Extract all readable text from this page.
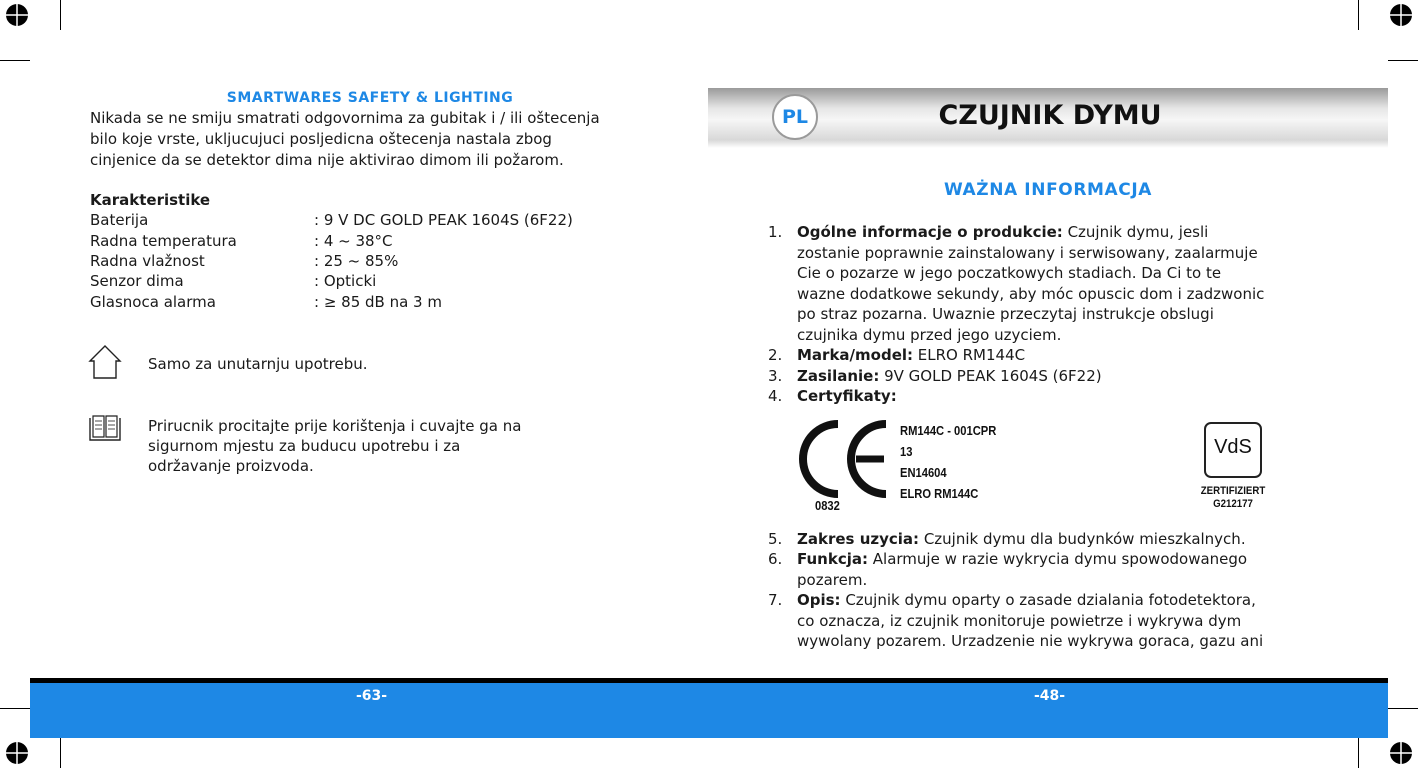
SMARTWARES SAFETY & LIGHTING
Nikada se ne smiju smatrati odgovornima za gubitak i / ili oštecenja
bilo koje vrste, ukljucujuci posljedicna oštecenja nastala zbog
cinjenice da se detektor dima nije aktivirao dimom ili požarom.
Karakteristike
Baterija	: 9 V DC GOLD PEAK 1604S (6F22)
Radna temperatura	: 4 ~ 38°C
Radna vlažnost	: 25 ~ 85%
Senzor dima	: Opticki
Glasnoca alarma	: ≥ 85 dB na 3 m
Samo za unutarnju upotrebu.
Prirucnik procitajte prije korištenja i cuvajte ga na
sigurnom mjestu za buducu upotrebu i za
održavanje proizvoda.
PL	CZUJNIK DYMU
WAŻNA INFORMACJA
1. Ogólne informacje o produkcie: Czujnik dymu, jesli
zostanie poprawnie zainstalowany i serwisowany, zaalarmuje
Cie o pozarze w jego poczatkowych stadiach. Da Ci to te
wazne dodatkowe sekundy, aby móc opuscic dom i zadzwonic
po straz pozarna. Uwaznie przeczytaj instrukcje obslugi
czujnika dymu przed jego uzyciem.
2. Marka/model: ELRO RM144C
3. Zasilanie: 9V GOLD PEAK 1604S (6F22)
4. Certyfikaty:
RM144C - 001CPR
13
EN14604
ELRO RM144C
0832
VdS
ZERTIFIZIERT
G212177
5. Zakres uzycia: Czujnik dymu dla budynków mieszkalnych.
6. Funkcja: Alarmuje w razie wykrycia dymu spowodowanego
pozarem.
7. Opis: Czujnik dymu oparty o zasade dzialania fotodetektora,
co oznacza, iz czujnik monitoruje powietrze i wykrywa dym
wywolany pozarem. Urzadzenie nie wykrywa goraca, gazu ani
-63-	-48-
